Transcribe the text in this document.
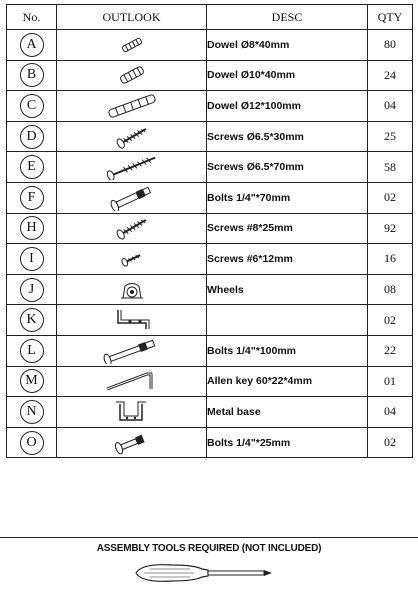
No.	OUTLOOK	DESC	QTY

A		Dowel Ø8*40mm	80

B		Dowel Ø10*40mm	24

C		Dowel Ø12*100mm	04

D		Screws Ø6.5*30mm	25

E		Screws Ø6.5*70mm	58

F		Bolts 1/4"*70mm	02

H		Screws #8*25mm	92

I		Screws #6*12mm	16

J		Wheels	08

K			02

L		Bolts 1/4"*100mm	22

M		Allen key 60*22*4mm	01

N		Metal base	04

O		Bolts 1/4"*25mm	02
ASSEMBLY TOOLS REQUIRED (NOT INCLUDED)
